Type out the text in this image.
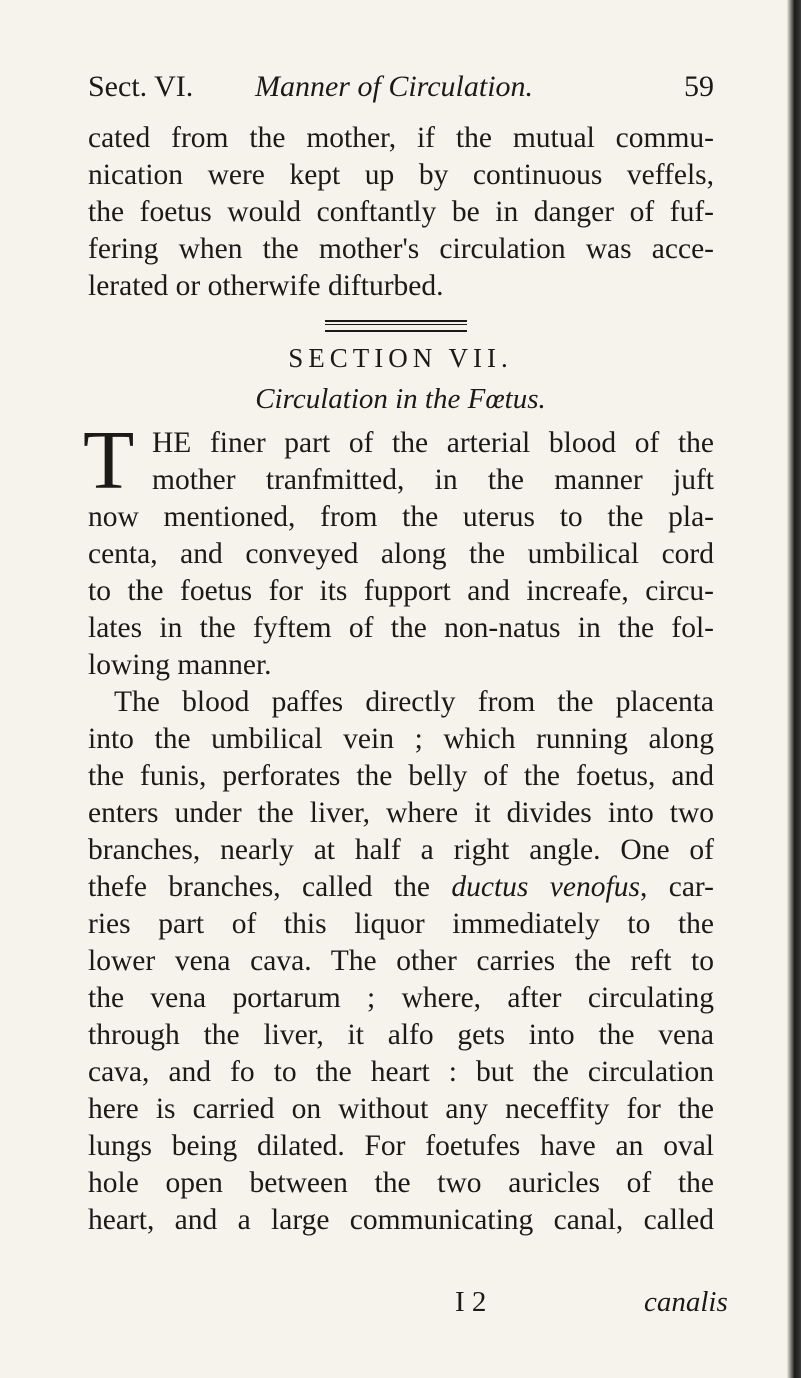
Sect. VI. Manner of Circulation.	59
cated from the mother, if the mutual commu-
nication were kept up by continuous veffels,
the foetus would conftantly be in danger of fuf-
fering when the mother's circulation was acce-
lerated or otherwife difturbed.
SECTION VII.
Circulation in the Fœtus.
T HE finer part of the arterial blood of the
mother tranfmitted, in the manner juft
now mentioned, from the uterus to the pla-
centa, and conveyed along the umbilical cord
to the foetus for its fupport and increafe, circu-
lates in the fyftem of the non-natus in the fol-
lowing manner.
The blood paffes directly from the placenta
into the umbilical vein ; which running along
the funis, perforates the belly of the foetus, and
enters under the liver, where it divides into two
branches, nearly at half a right angle. One of
thefe branches, called the ductus venofus, car-
ries part of this liquor immediately to the
lower vena cava. The other carries the reft to
the vena portarum ; where, after circulating
through the liver, it alfo gets into the vena
cava, and fo to the heart : but the circulation
here is carried on without any neceffity for the
lungs being dilated. For foetufes have an oval
hole open between the two auricles of the
heart, and a large communicating canal, called
I 2	canalis
